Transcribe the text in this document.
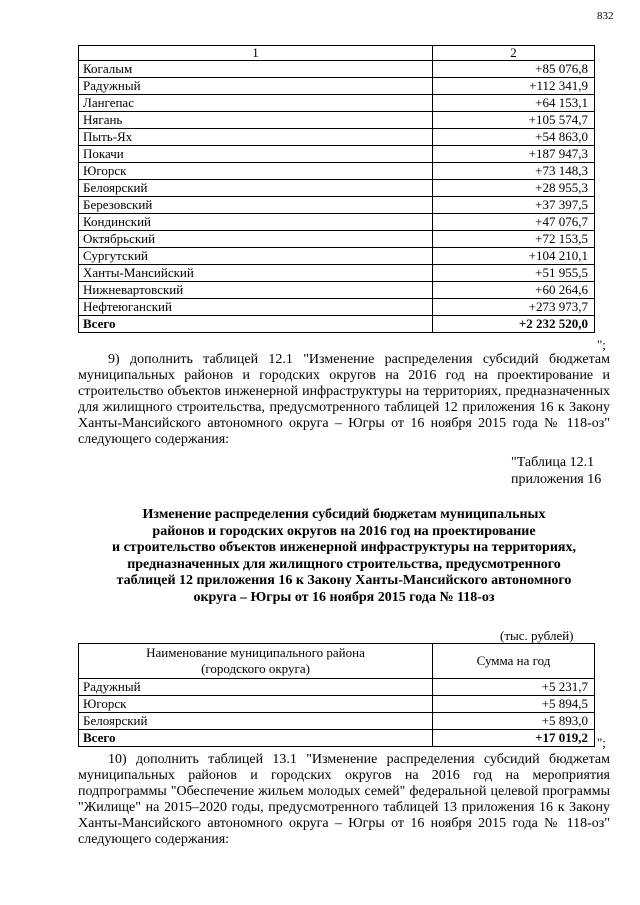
832
1	2
Когалым	+85 076,8
Радужный	+112 341,9
Лангепас	+64 153,1
Нягань	+105 574,7
Пыть-Ях	+54 863,0
Покачи	+187 947,3
Югорск	+73 148,3
Белоярский	+28 955,3
Березовский	+37 397,5
Кондинский	+47 076,7
Октябрьский	+72 153,5
Сургутский	+104 210,1
Ханты-Мансийский	+51 955,5
Нижневартовский	+60 264,6
Нефтеюганский	+273 973,7
Всего	+2 232 520,0
";

9) дополнить таблицей 12.1 "Изменение распределения субсидий бюджетам муниципальных районов и городских округов на 2016 год на проектирование и строительство объектов инженерной инфраструктуры на территориях, предназначенных для жилищного строительства, предусмотренного таблицей 12 приложения 16 к Закону Ханты-Мансийского автономного округа – Югры от 16 ноября 2015 года № 118-оз" следующего содержания:

"Таблица 12.1
приложения 16
Изменение распределения субсидий бюджетам муниципальных
районов и городских округов на 2016 год на проектирование
и строительство объектов инженерной инфраструктуры на территориях,
предназначенных для жилищного строительства, предусмотренного
таблицей 12 приложения 16 к Закону Ханты-Мансийского автономного
округа – Югры от 16 ноября 2015 года № 118-оз
(тыс. рублей)
Наименование муниципального района
(городского округа)	Сумма на год
Радужный	+5 231,7
Югорск	+5 894,5
Белоярский	+5 893,0
Всего	+17 019,2 ";

10) дополнить таблицей 13.1 "Изменение распределения субсидий бюджетам муниципальных районов и городских округов на 2016 год на мероприятия подпрограммы "Обеспечение жильем молодых семей" федеральной целевой программы "Жилище" на 2015–2020 годы, предусмотренного таблицей 13 приложения 16 к Закону Ханты-Мансийского автономного округа – Югры от 16 ноября 2015 года № 118-оз" следующего содержания:
